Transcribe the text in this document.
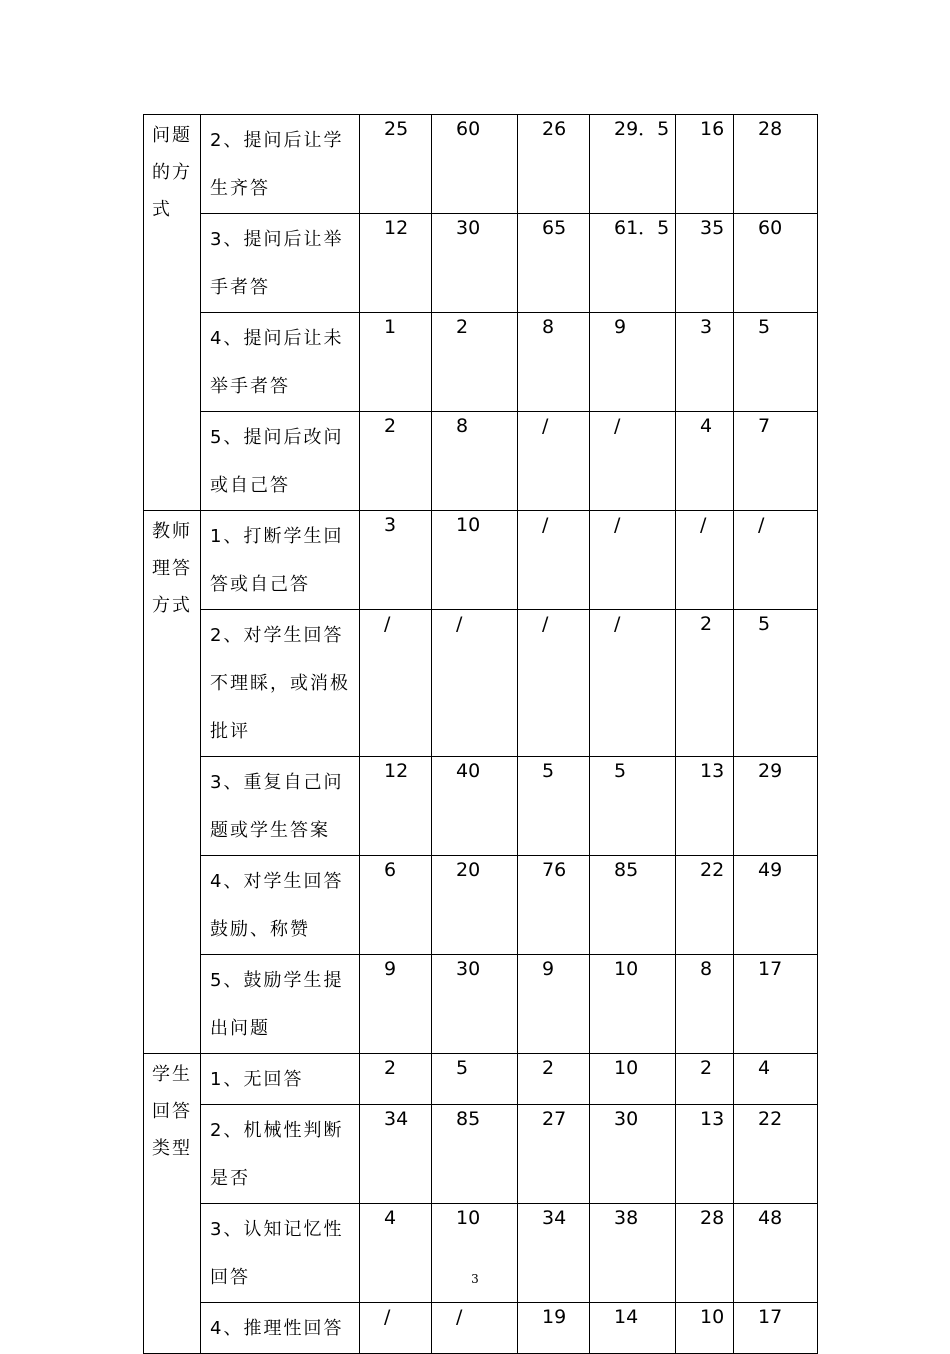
问题的方式	2、提问后让学生齐答	25	60	26	29．5	16	28
	3、提问后让举手者答	12	30	65	61．5	35	60
	4、提问后让未举手者答	1	2	8	9	3	5
	5、提问后改问或自己答	2	8	/	/	4	7
教师理答方式	1、打断学生回答或自己答	3	10	/	/	/	/
	2、对学生回答不理睬，或消极批评	/	/	/	/	2	5
	3、重复自己问题或学生答案	12	40	5	5	13	29
	4、对学生回答鼓励、称赞	6	20	76	85	22	49
	5、鼓励学生提出问题	9	30	9	10	8	17
学生回答类型	1、无回答	2	5	2	10	2	4
	2、机械性判断是否	34	85	27	30	13	22
	3、认知记忆性回答	4	10	34	38	28	48
	4、推理性回答	/	/	19	14	10	17
3
